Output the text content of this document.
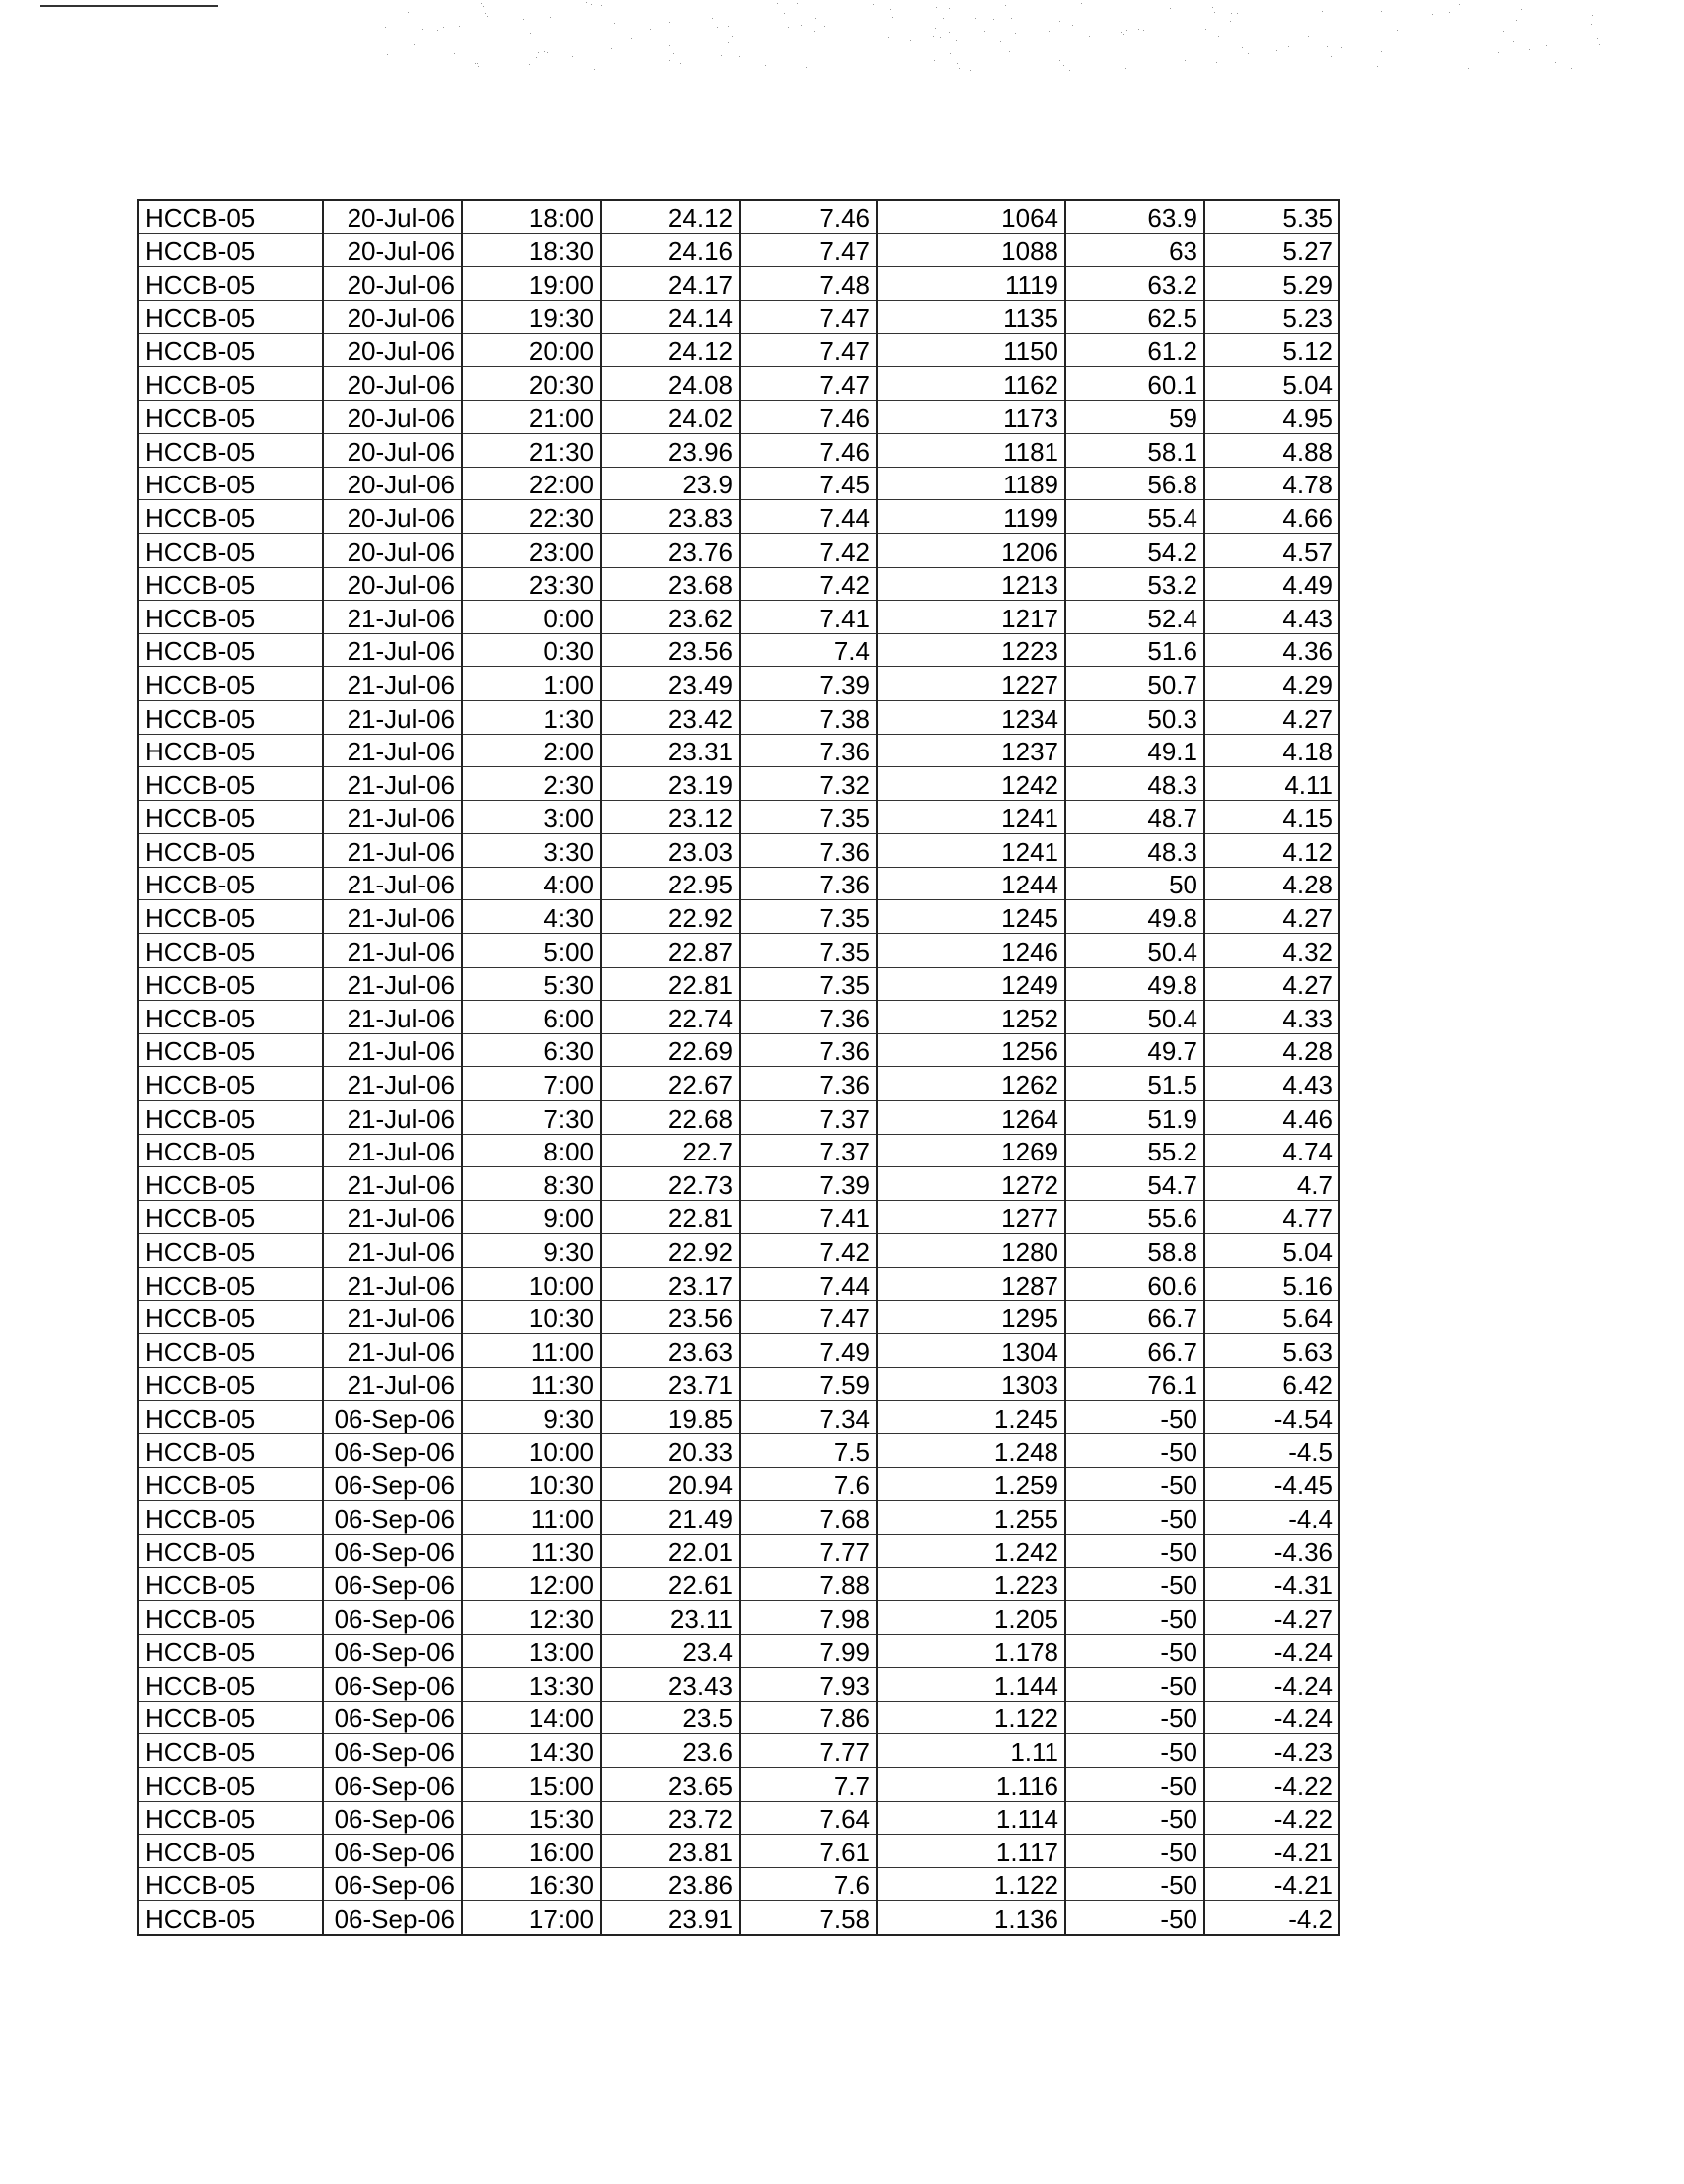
HCCB-05	20-Jul-06	18:00	24.12	7.46	1064	63.9	5.35
HCCB-05	20-Jul-06	18:30	24.16	7.47	1088	63	5.27
HCCB-05	20-Jul-06	19:00	24.17	7.48	1119	63.2	5.29
HCCB-05	20-Jul-06	19:30	24.14	7.47	1135	62.5	5.23
HCCB-05	20-Jul-06	20:00	24.12	7.47	1150	61.2	5.12
HCCB-05	20-Jul-06	20:30	24.08	7.47	1162	60.1	5.04
HCCB-05	20-Jul-06	21:00	24.02	7.46	1173	59	4.95
HCCB-05	20-Jul-06	21:30	23.96	7.46	1181	58.1	4.88
HCCB-05	20-Jul-06	22:00	23.9	7.45	1189	56.8	4.78
HCCB-05	20-Jul-06	22:30	23.83	7.44	1199	55.4	4.66
HCCB-05	20-Jul-06	23:00	23.76	7.42	1206	54.2	4.57
HCCB-05	20-Jul-06	23:30	23.68	7.42	1213	53.2	4.49
HCCB-05	21-Jul-06	0:00	23.62	7.41	1217	52.4	4.43
HCCB-05	21-Jul-06	0:30	23.56	7.4	1223	51.6	4.36
HCCB-05	21-Jul-06	1:00	23.49	7.39	1227	50.7	4.29
HCCB-05	21-Jul-06	1:30	23.42	7.38	1234	50.3	4.27
HCCB-05	21-Jul-06	2:00	23.31	7.36	1237	49.1	4.18
HCCB-05	21-Jul-06	2:30	23.19	7.32	1242	48.3	4.11
HCCB-05	21-Jul-06	3:00	23.12	7.35	1241	48.7	4.15
HCCB-05	21-Jul-06	3:30	23.03	7.36	1241	48.3	4.12
HCCB-05	21-Jul-06	4:00	22.95	7.36	1244	50	4.28
HCCB-05	21-Jul-06	4:30	22.92	7.35	1245	49.8	4.27
HCCB-05	21-Jul-06	5:00	22.87	7.35	1246	50.4	4.32
HCCB-05	21-Jul-06	5:30	22.81	7.35	1249	49.8	4.27
HCCB-05	21-Jul-06	6:00	22.74	7.36	1252	50.4	4.33
HCCB-05	21-Jul-06	6:30	22.69	7.36	1256	49.7	4.28
HCCB-05	21-Jul-06	7:00	22.67	7.36	1262	51.5	4.43
HCCB-05	21-Jul-06	7:30	22.68	7.37	1264	51.9	4.46
HCCB-05	21-Jul-06	8:00	22.7	7.37	1269	55.2	4.74
HCCB-05	21-Jul-06	8:30	22.73	7.39	1272	54.7	4.7
HCCB-05	21-Jul-06	9:00	22.81	7.41	1277	55.6	4.77
HCCB-05	21-Jul-06	9:30	22.92	7.42	1280	58.8	5.04
HCCB-05	21-Jul-06	10:00	23.17	7.44	1287	60.6	5.16
HCCB-05	21-Jul-06	10:30	23.56	7.47	1295	66.7	5.64
HCCB-05	21-Jul-06	11:00	23.63	7.49	1304	66.7	5.63
HCCB-05	21-Jul-06	11:30	23.71	7.59	1303	76.1	6.42
HCCB-05	06-Sep-06	9:30	19.85	7.34	1.245	-50	-4.54
HCCB-05	06-Sep-06	10:00	20.33	7.5	1.248	-50	-4.5
HCCB-05	06-Sep-06	10:30	20.94	7.6	1.259	-50	-4.45
HCCB-05	06-Sep-06	11:00	21.49	7.68	1.255	-50	-4.4
HCCB-05	06-Sep-06	11:30	22.01	7.77	1.242	-50	-4.36
HCCB-05	06-Sep-06	12:00	22.61	7.88	1.223	-50	-4.31
HCCB-05	06-Sep-06	12:30	23.11	7.98	1.205	-50	-4.27
HCCB-05	06-Sep-06	13:00	23.4	7.99	1.178	-50	-4.24
HCCB-05	06-Sep-06	13:30	23.43	7.93	1.144	-50	-4.24
HCCB-05	06-Sep-06	14:00	23.5	7.86	1.122	-50	-4.24
HCCB-05	06-Sep-06	14:30	23.6	7.77	1.11	-50	-4.23
HCCB-05	06-Sep-06	15:00	23.65	7.7	1.116	-50	-4.22
HCCB-05	06-Sep-06	15:30	23.72	7.64	1.114	-50	-4.22
HCCB-05	06-Sep-06	16:00	23.81	7.61	1.117	-50	-4.21
HCCB-05	06-Sep-06	16:30	23.86	7.6	1.122	-50	-4.21
HCCB-05	06-Sep-06	17:00	23.91	7.58	1.136	-50	-4.2
